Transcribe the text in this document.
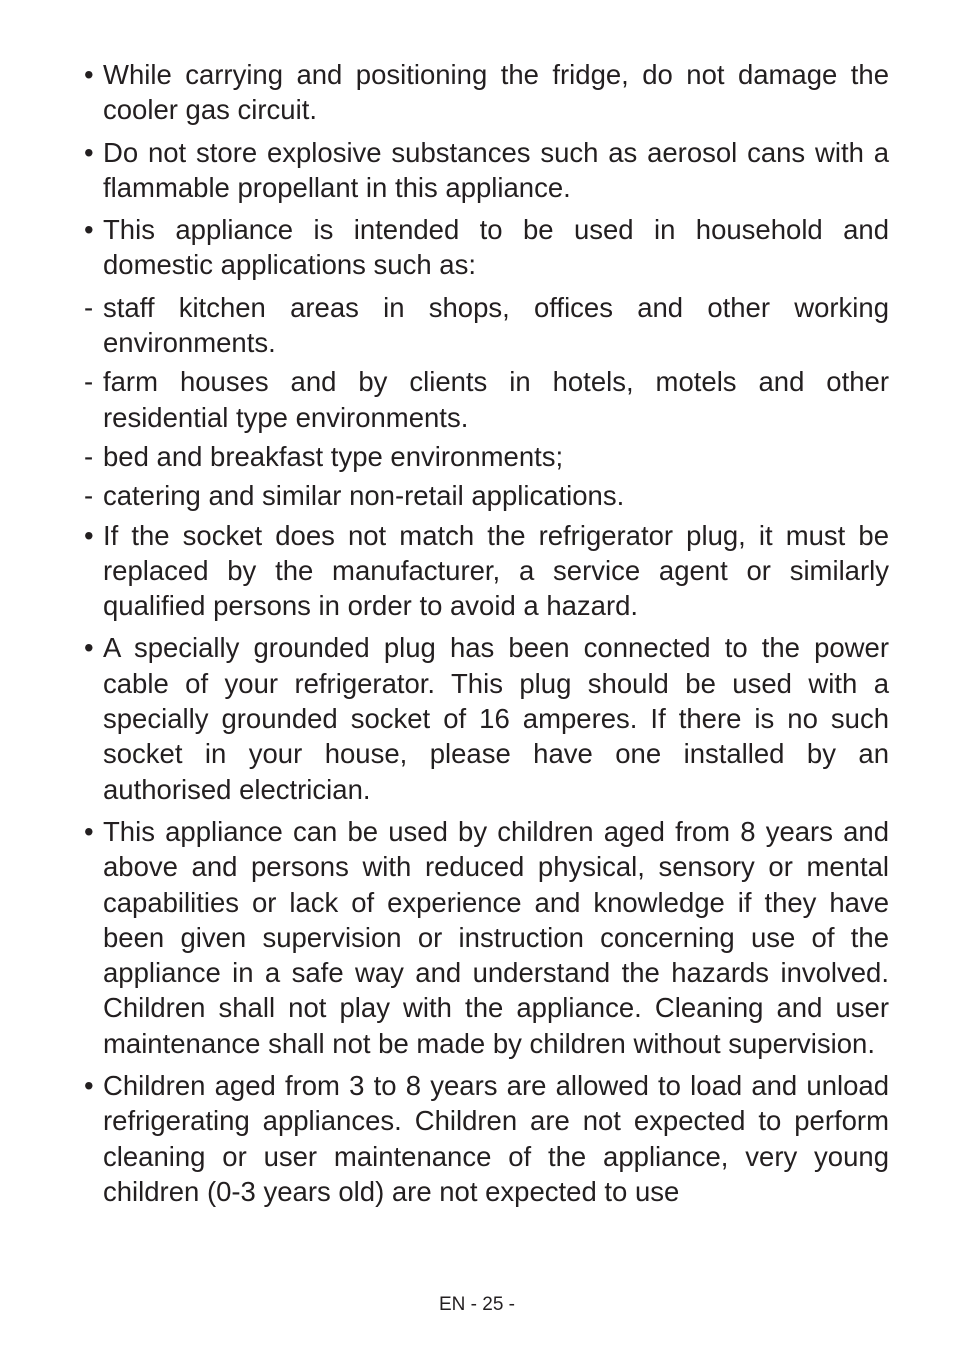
• While carrying and positioning the fridge, do not damage the cooler gas circuit.
• Do not store explosive substances such as aerosol cans with a flammable propellant in this appliance.
• This appliance is intended to be used in household and domestic applications such as:
- staff kitchen areas in shops, offices and other working environments.
- farm houses and by clients in hotels, motels and other residential type environments.
- bed and breakfast type environments;
- catering and similar non-retail applications.
• If the socket does not match the refrigerator plug, it must be replaced by the manufacturer, a service agent or similarly qualified persons in order to avoid a hazard.
• A specially grounded plug has been connected to the power cable of your refrigerator. This plug should be used with a specially grounded socket of 16 amperes. If there is no such socket in your house, please have one installed by an authorised electrician.
• This appliance can be used by children aged from 8 years and above and persons with reduced physical, sensory or mental capabilities or lack of experience and knowledge if they have been given supervision or instruction concerning use of the appliance in a safe way and understand the hazards involved. Children shall not play with the appliance. Cleaning and user maintenance shall not be made by children without supervision.
• Children aged from 3 to 8 years are allowed to load and unload refrigerating appliances. Children are not expected to perform cleaning or user maintenance of the appliance, very young children (0-3 years old) are not expected to use
EN - 25 -
